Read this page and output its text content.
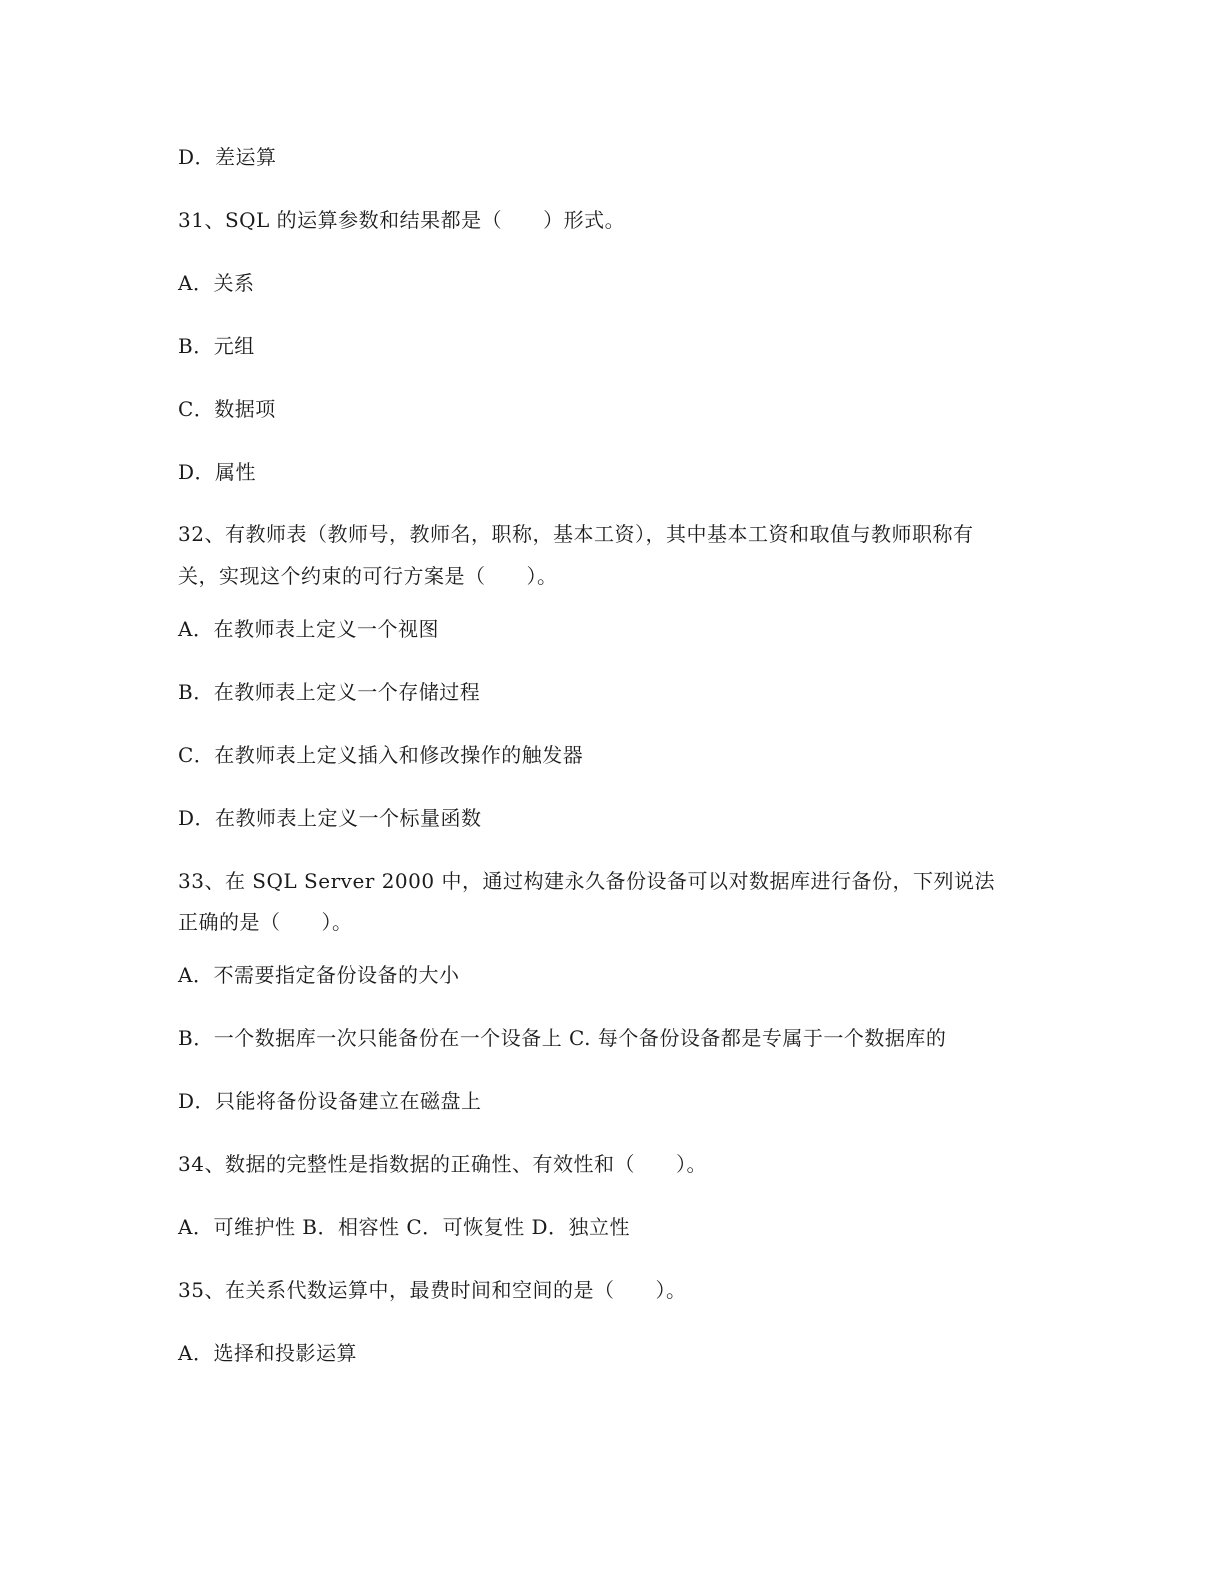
D．差运算
31、SQL 的运算参数和结果都是（　　）形式。
A．关系
B．元组
C．数据项
D．属性
32、有教师表（教师号，教师名，职称，基本工资），其中基本工资和取值与教师职称有
关，实现这个约束的可行方案是（　　）。
A．在教师表上定义一个视图
B．在教师表上定义一个存储过程
C．在教师表上定义插入和修改操作的触发器
D．在教师表上定义一个标量函数
33、在 SQL Server 2000 中，通过构建永久备份设备可以对数据库进行备份，下列说法
正确的是（　　）。
A．不需要指定备份设备的大小
B．一个数据库一次只能备份在一个设备上 C. 每个备份设备都是专属于一个数据库的
D．只能将备份设备建立在磁盘上
34、数据的完整性是指数据的正确性、有效性和（　　）。
A．可维护性 B．相容性 C．可恢复性 D．独立性
35、在关系代数运算中，最费时间和空间的是（　　）。
A．选择和投影运算
